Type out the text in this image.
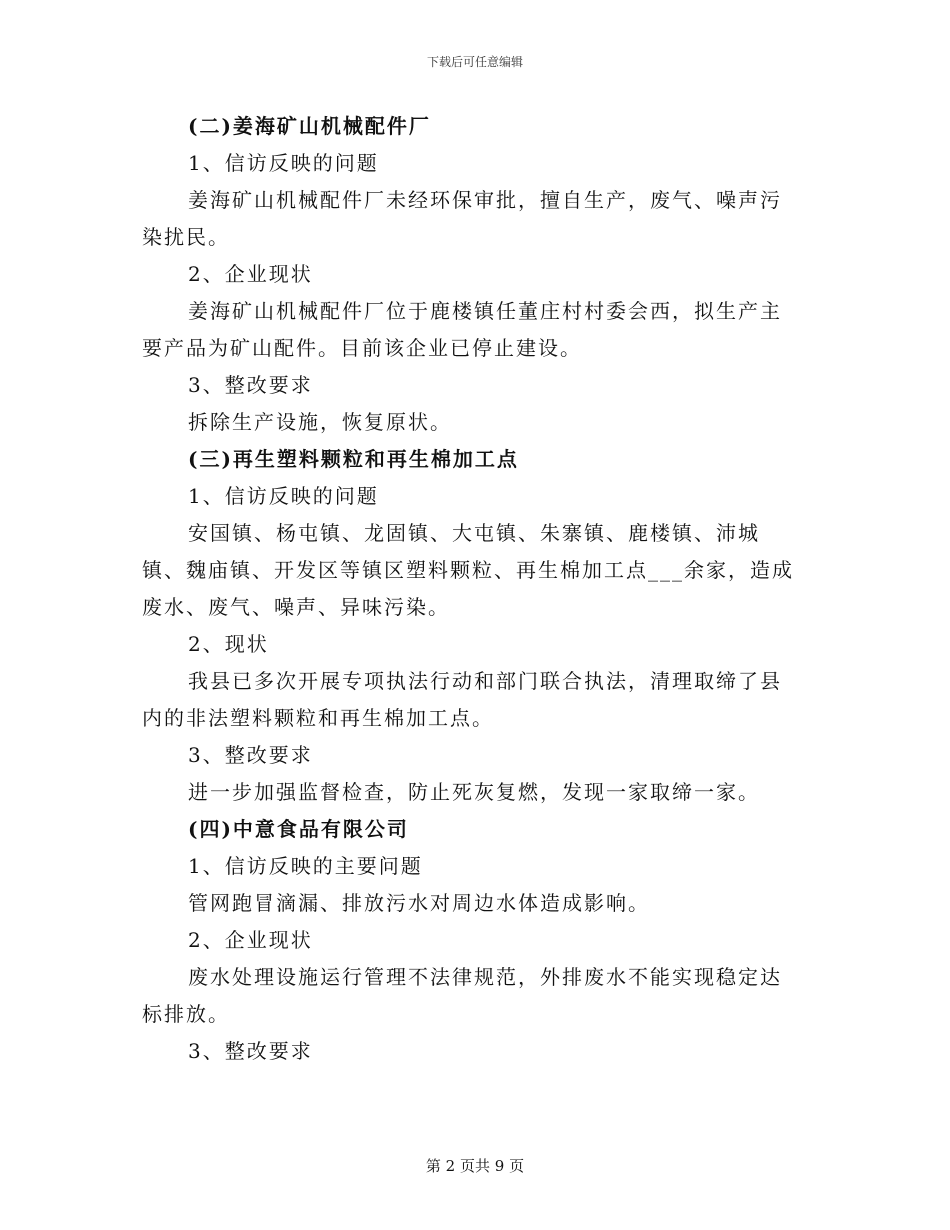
下载后可任意编辑

(二)姜海矿山机械配件厂

1、信访反映的问题

姜海矿山机械配件厂未经环保审批，擅自生产，废气、噪声污染扰民。

2、企业现状

姜海矿山机械配件厂位于鹿楼镇任董庄村村委会西，拟生产主要产品为矿山配件。目前该企业已停止建设。

3、整改要求

拆除生产设施，恢复原状。

(三)再生塑料颗粒和再生棉加工点

1、信访反映的问题

安国镇、杨屯镇、龙固镇、大屯镇、朱寨镇、鹿楼镇、沛城镇、魏庙镇、开发区等镇区塑料颗粒、再生棉加工点___余家，造成废水、废气、噪声、异味污染。

2、现状

我县已多次开展专项执法行动和部门联合执法，清理取缔了县内的非法塑料颗粒和再生棉加工点。

3、整改要求

进一步加强监督检查，防止死灰复燃，发现一家取缔一家。

(四)中意食品有限公司

1、信访反映的主要问题

管网跑冒滴漏、排放污水对周边水体造成影响。

2、企业现状

废水处理设施运行管理不法律规范，外排废水不能实现稳定达标排放。

3、整改要求

第 2 页共 9 页
